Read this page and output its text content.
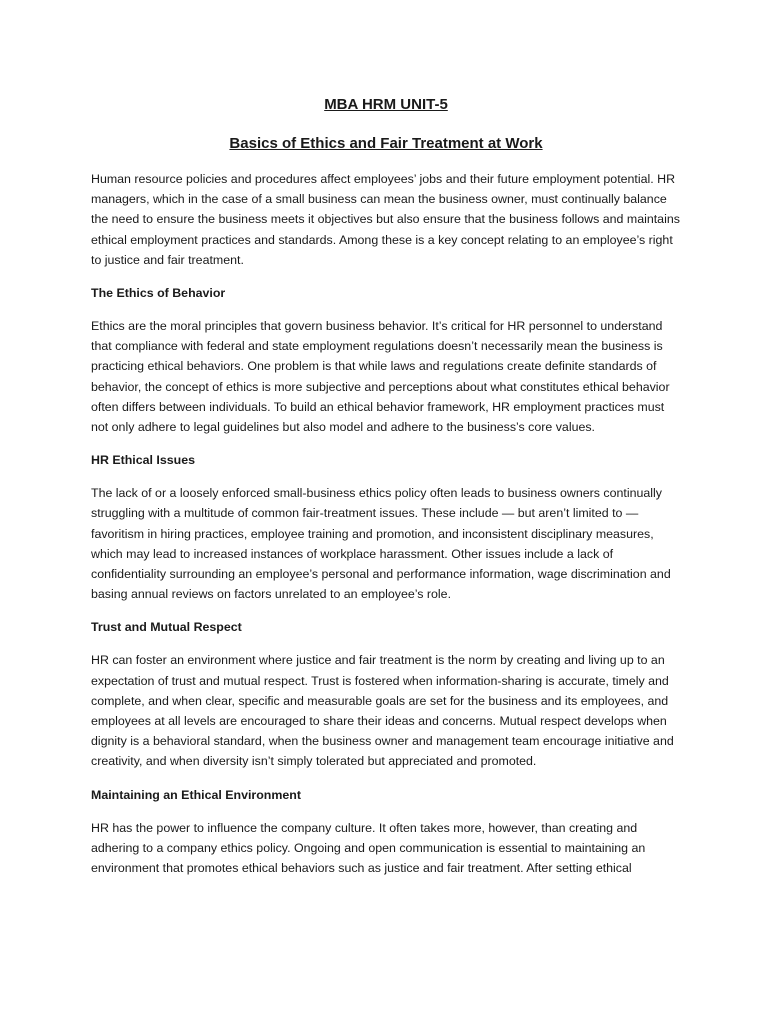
MBA HRM UNIT-5
Basics of Ethics and Fair Treatment at Work

Human resource policies and procedures affect employees’ jobs and their future employment potential. HR managers, which in the case of a small business can mean the business owner, must continually balance the need to ensure the business meets it objectives but also ensure that the business follows and maintains ethical employment practices and standards. Among these is a key concept relating to an employee’s right to justice and fair treatment.

The Ethics of Behavior

Ethics are the moral principles that govern business behavior. It’s critical for HR personnel to understand that compliance with federal and state employment regulations doesn’t necessarily mean the business is practicing ethical behaviors. One problem is that while laws and regulations create definite standards of behavior, the concept of ethics is more subjective and perceptions about what constitutes ethical behavior often differs between individuals. To build an ethical behavior framework, HR employment practices must not only adhere to legal guidelines but also model and adhere to the business’s core values.

HR Ethical Issues

The lack of or a loosely enforced small-business ethics policy often leads to business owners continually struggling with a multitude of common fair-treatment issues. These include — but aren’t limited to — favoritism in hiring practices, employee training and promotion, and inconsistent disciplinary measures, which may lead to increased instances of workplace harassment. Other issues include a lack of confidentiality surrounding an employee’s personal and performance information, wage discrimination and basing annual reviews on factors unrelated to an employee’s role.

Trust and Mutual Respect

HR can foster an environment where justice and fair treatment is the norm by creating and living up to an expectation of trust and mutual respect. Trust is fostered when information-sharing is accurate, timely and complete, and when clear, specific and measurable goals are set for the business and its employees, and employees at all levels are encouraged to share their ideas and concerns. Mutual respect develops when dignity is a behavioral standard, when the business owner and management team encourage initiative and creativity, and when diversity isn’t simply tolerated but appreciated and promoted.

Maintaining an Ethical Environment

HR has the power to influence the company culture. It often takes more, however, than creating and adhering to a company ethics policy. Ongoing and open communication is essential to maintaining an environment that promotes ethical behaviors such as justice and fair treatment. After setting ethical
